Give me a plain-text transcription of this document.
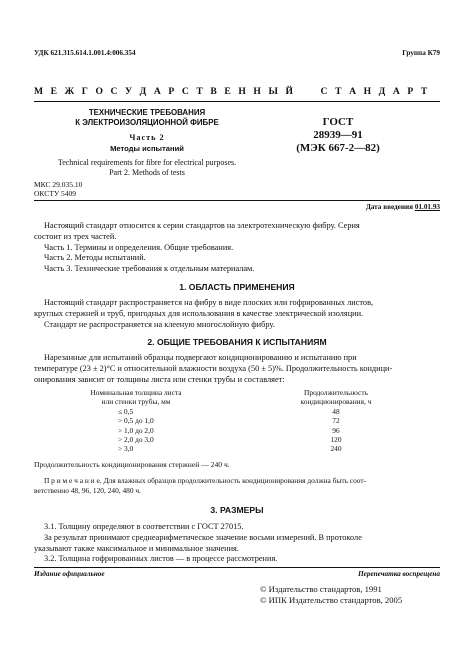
УДК 621.315.614.1.001.4:006.354	Группа К79
М Е Ж Г О С У Д А Р С Т В Е Н Н Ы Й     С Т А Н Д А Р Т
ТЕХНИЧЕСКИЕ ТРЕБОВАНИЯ
К ЭЛЕКТРОИЗОЛЯЦИОННОЙ ФИБРЕ
Часть 2
Методы испытаний
Technical requirements for fibre for electrical purposes.
Part 2. Methods of tests
ГОСТ
28939—91
(МЭК 667-2—82)
МКС 29.035.10
ОКСТУ 5409
Дата введения 01.01.93
Настоящий стандарт относится к серии стандартов на электротехническую фибру. Серия
состоит из трех частей.
Часть 1. Термины и определения. Общие требования.
Часть 2. Методы испытаний.
Часть 3. Технические требования к отдельным материалам.
1. ОБЛАСТЬ ПРИМЕНЕНИЯ
Настоящий стандарт распространяется на фибру в виде плоских или гофрированных листов,
круглых стержней и труб, пригодных для использования в качестве электрической изоляции.
Стандарт не распространяется на клееную многослойную фибру.
2. ОБЩИЕ ТРЕБОВАНИЯ К ИСПЫТАНИЯМ
Нарезанные для испытаний образцы подвергают кондиционированию и испытанию при
температуре (23 ± 2)°С и относительной влажности воздуха (50 ± 5)%. Продолжительность кондици-
онирования зависит от толщины листа или стенки трубы и составляет:
Номинальная толщина листа
или стенки трубы, мм
Продолжительность
кондиционирования, ч
≤ 0,5
> 0,5 до 1,0
> 1,0 до 2,0
> 2,0 до 3,0
> 3,0
48
72
96
120
240
Продолжительность кондиционирования стержней — 240 ч.
П р и м е ч а н и е. Для влажных образцов продолжительность кондиционирования должна быть соот-
ветственно 48, 96, 120, 240, 480 ч.
3. РАЗМЕРЫ
3.1. Толщину определяют в соответствии с ГОСТ 27015.
За результат принимают среднеарифметическое значение восьми измерений. В протоколе
указывают также максимальное и минимальное значения.
3.2. Толщина гофрированных листов — в процессе рассмотрения.
Издание официальное	Перепечатка воспрещена
© Издательство стандартов, 1991
© ИПК Издательство стандартов, 2005
